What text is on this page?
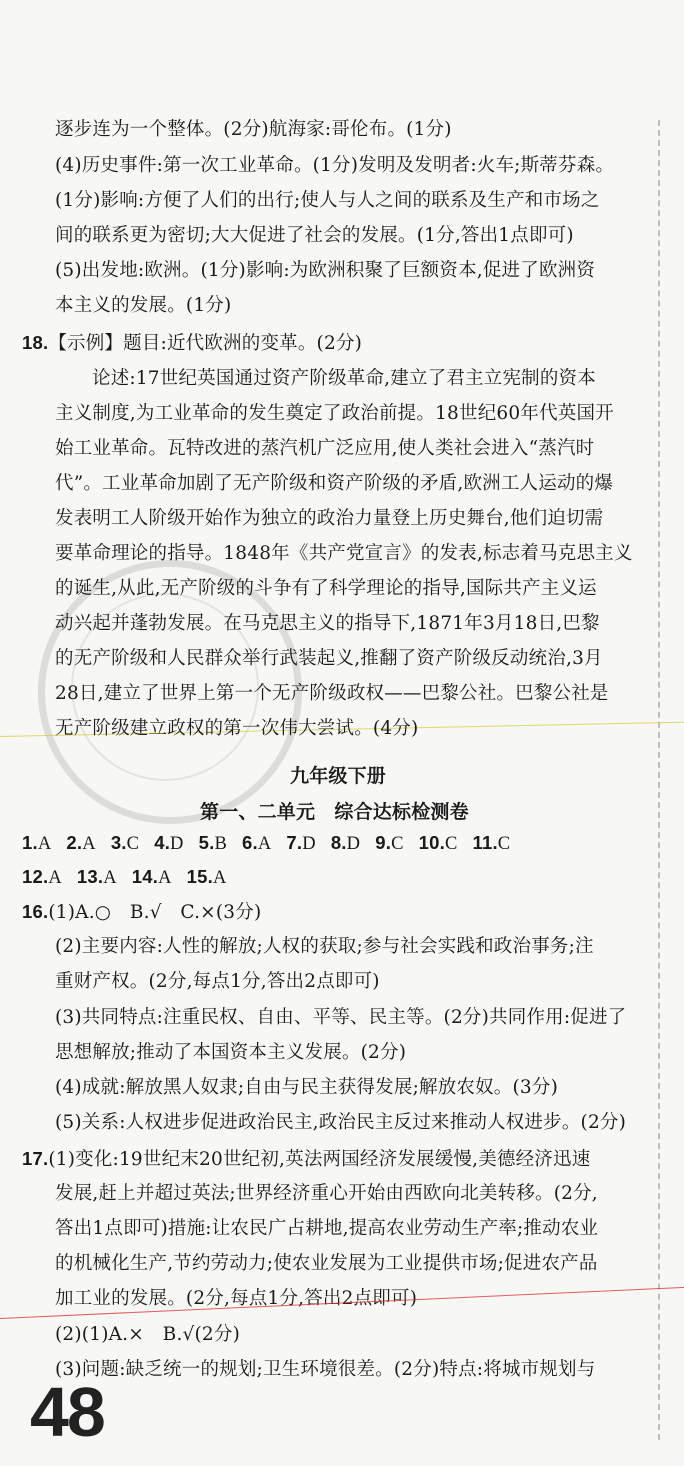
逐步连为一个整体。(2分)航海家:哥伦布。(1分)
(4)历史事件:第一次工业革命。(1分)发明及发明者:火车;斯蒂芬森。
(1分)影响:方便了人们的出行;使人与人之间的联系及生产和市场之
间的联系更为密切;大大促进了社会的发展。(1分,答出1点即可)
(5)出发地:欧洲。(1分)影响:为欧洲积聚了巨额资本,促进了欧洲资
本主义的发展。(1分)
18.【示例】题目:近代欧洲的变革。(2分)
论述:17世纪英国通过资产阶级革命,建立了君主立宪制的资本
主义制度,为工业革命的发生奠定了政治前提。18世纪60年代英国开
始工业革命。瓦特改进的蒸汽机广泛应用,使人类社会进入“蒸汽时
代”。工业革命加剧了无产阶级和资产阶级的矛盾,欧洲工人运动的爆
发表明工人阶级开始作为独立的政治力量登上历史舞台,他们迫切需
要革命理论的指导。1848年《共产党宣言》的发表,标志着马克思主义
的诞生,从此,无产阶级的斗争有了科学理论的指导,国际共产主义运
动兴起并蓬勃发展。在马克思主义的指导下,1871年3月18日,巴黎
的无产阶级和人民群众举行武装起义,推翻了资产阶级反动统治,3月
28日,建立了世界上第一个无产阶级政权——巴黎公社。巴黎公社是
无产阶级建立政权的第一次伟大尝试。(4分)
九年级下册
第一、二单元　综合达标检测卷
1.A 2.A 3.C 4.D 5.B 6.A 7.D 8.D 9.C 10.C 11.C
12.A 13.A 14.A 15.A
16.(1)A.○　B.√　C.×(3分)
(2)主要内容:人性的解放;人权的获取;参与社会实践和政治事务;注
重财产权。(2分,每点1分,答出2点即可)
(3)共同特点:注重民权、自由、平等、民主等。(2分)共同作用:促进了
思想解放;推动了本国资本主义发展。(2分)
(4)成就:解放黑人奴隶;自由与民主获得发展;解放农奴。(3分)
(5)关系:人权进步促进政治民主,政治民主反过来推动人权进步。(2分)
17.(1)变化:19世纪末20世纪初,英法两国经济发展缓慢,美德经济迅速
发展,赶上并超过英法;世界经济重心开始由西欧向北美转移。(2分,
答出1点即可)措施:让农民广占耕地,提高农业劳动生产率;推动农业
的机械化生产,节约劳动力;使农业发展为工业提供市场;促进农产品
加工业的发展。(2分,每点1分,答出2点即可)
(2)(1)A.×　B.√(2分)
(3)问题:缺乏统一的规划;卫生环境很差。(2分)特点:将城市规划与
48
